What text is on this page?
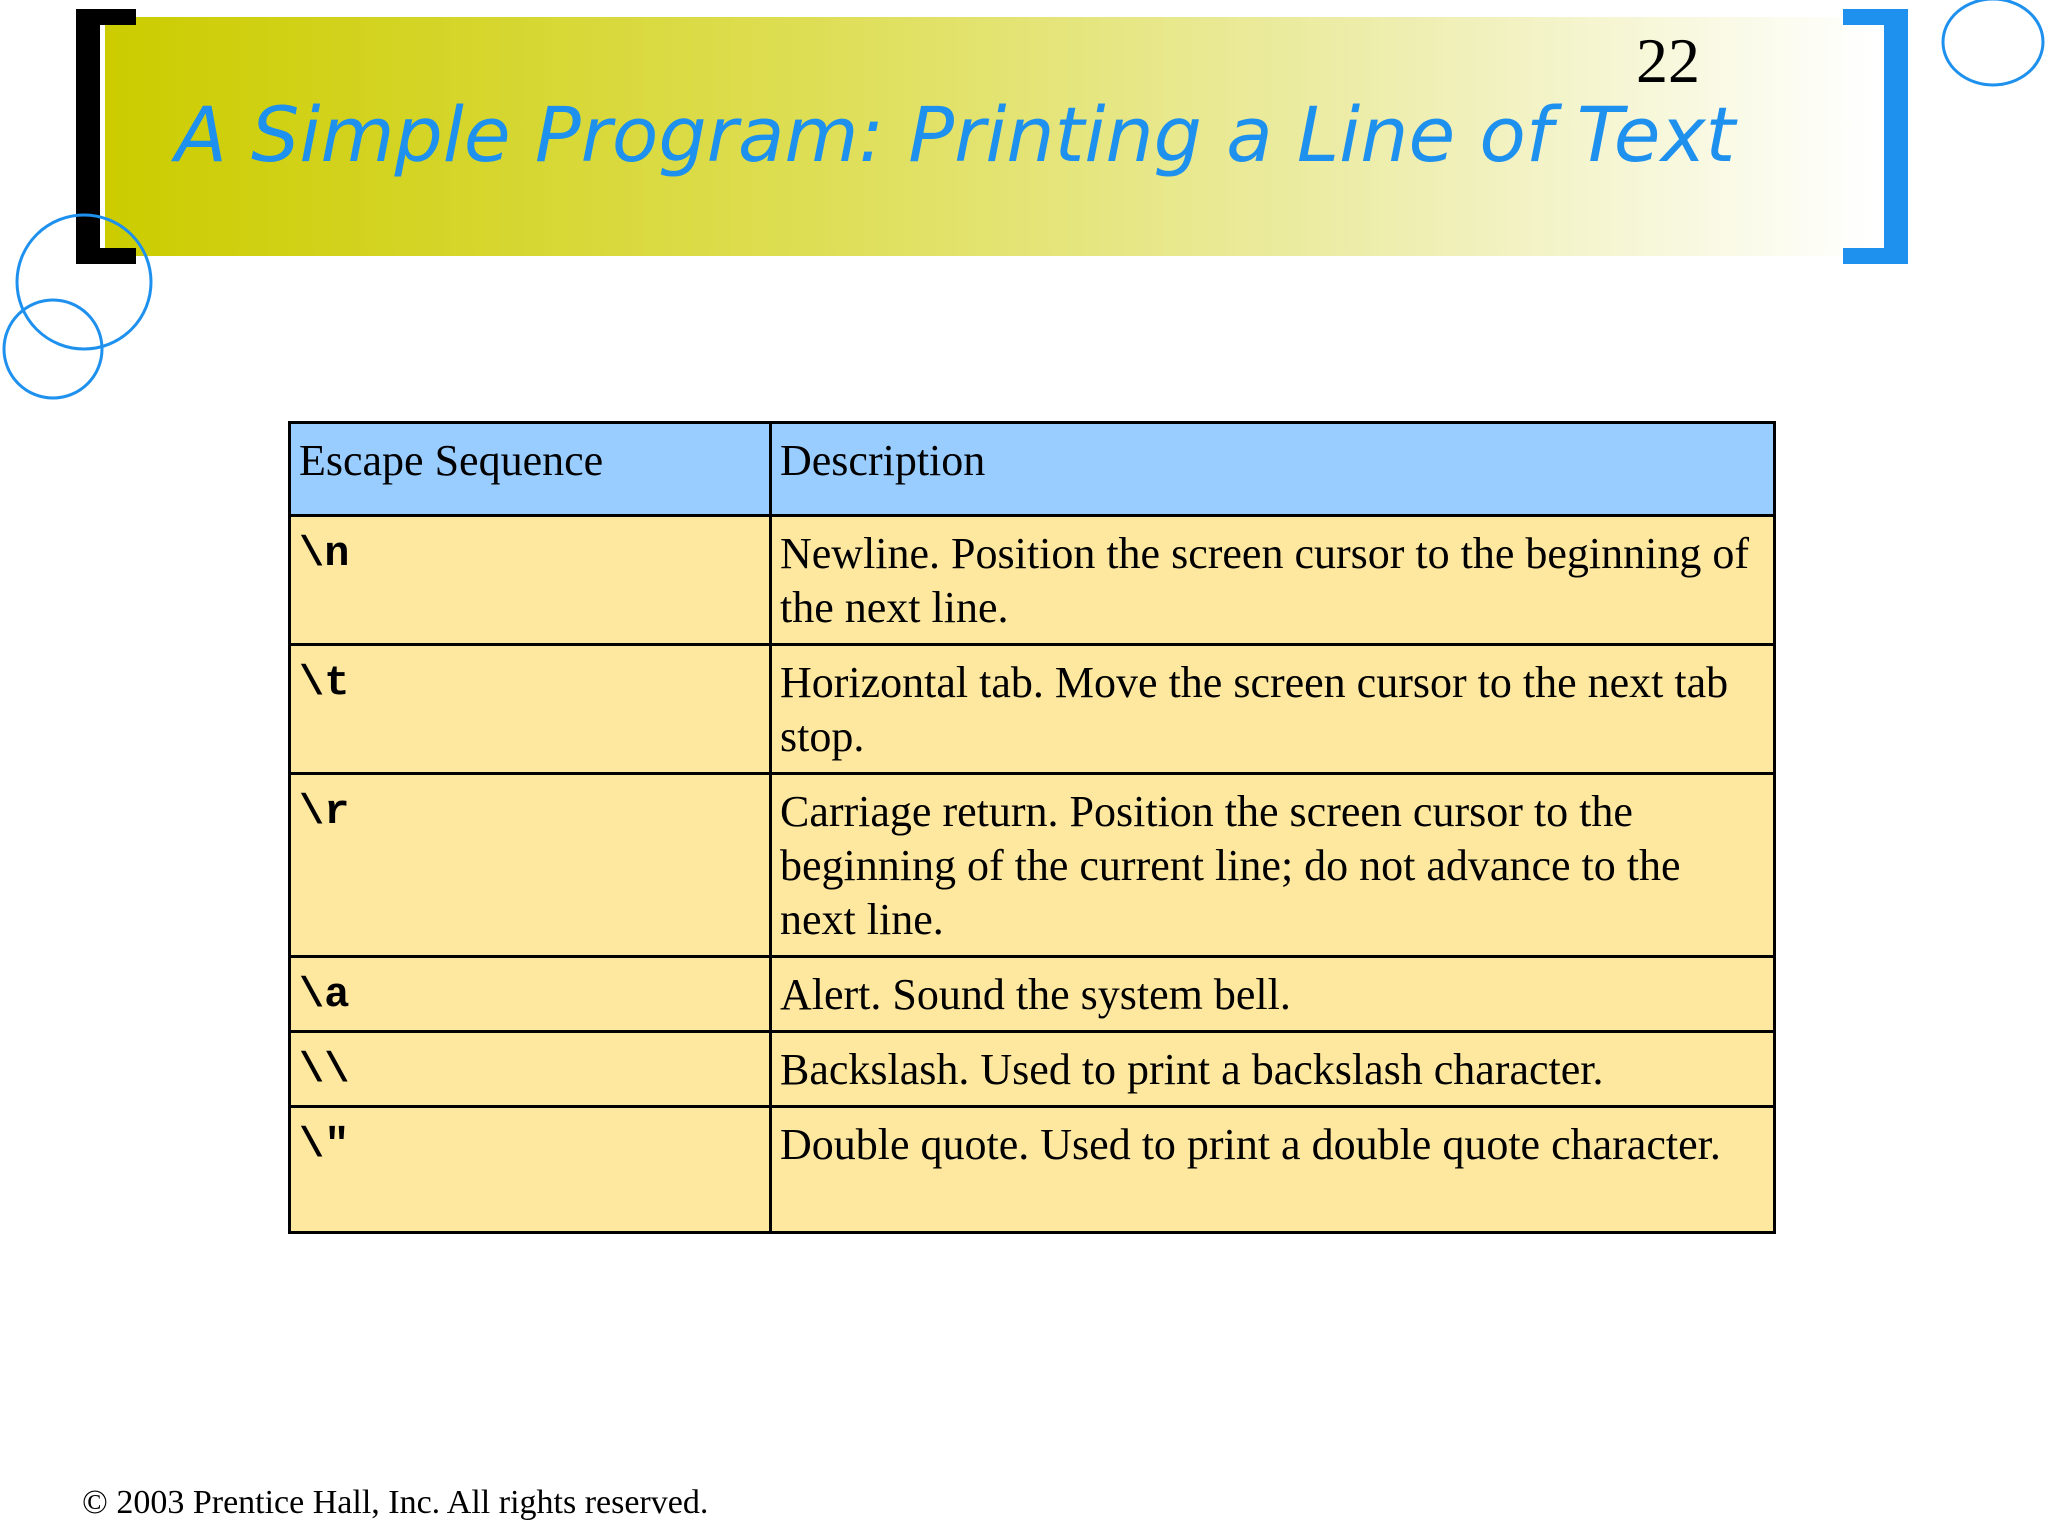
22
A Simple Program: Printing a Line of Text
Escape Sequence	Description
\n	Newline. Position the screen cursor to the beginning of the next line.
\t	Horizontal tab. Move the screen cursor to the next tab stop.
\r	Carriage return. Position the screen cursor to the beginning of the current line; do not advance to the next line.
\a	Alert. Sound the system bell.
\\	Backslash. Used to print a backslash character.
\"	Double quote. Used to print a double quote character.
© 2003 Prentice Hall, Inc. All rights reserved.
